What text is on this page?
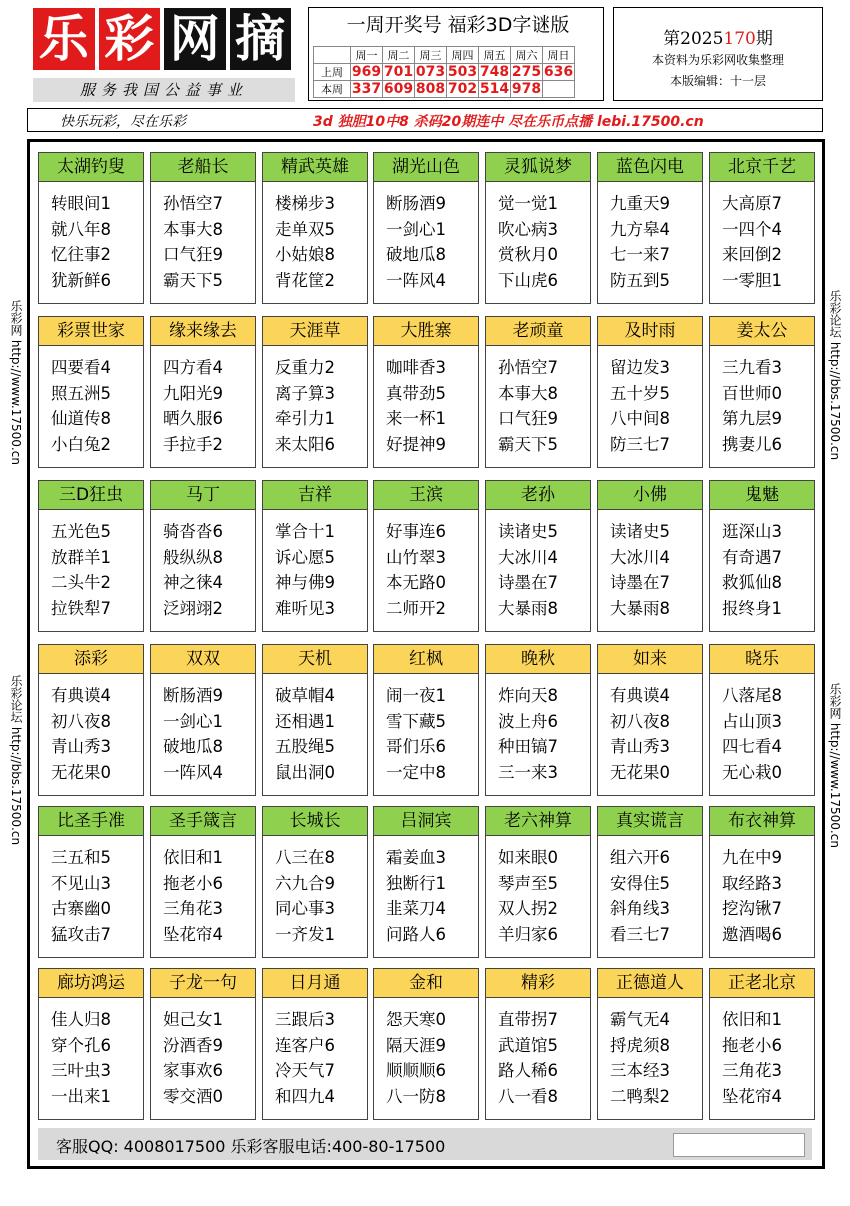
乐 彩 网 摘
服务我国公益事业
一周开奖号 福彩3D字谜版
	周一	周二	周三	周四	周五	周六	周日
上周	969	701	073	503	748	275	636
本周	337	609	808	702	514	978	
第2025170期
本资料为乐彩网收集整理
本版编辑：十一层
快乐玩彩，尽在乐彩	3d 独胆10中8 杀码20期连中 尽在乐币点播 lebi.17500.cn
乐彩网 http://www.17500.cn
乐彩论坛 http://bbs.17500.cn
乐彩论坛 http://bbs.17500.cn
乐彩网 http://www.17500.cn
太湖钓叟
转眼间1
就八年8
忆往事2
犹新鲜6
老船长
孙悟空7
本事大8
口气狂9
霸天下5
精武英雄
楼梯步3
走单双5
小姑娘8
背花筐2
湖光山色
断肠酒9
一剑心1
破地瓜8
一阵风4
灵狐说梦
觉一觉1
吹心病3
赏秋月0
下山虎6
蓝色闪电
九重天9
九方皋4
七一来7
防五到5
北京千艺
大高原7
一四个4
来回倒2
一零胆1
彩票世家
四要看4
照五洲5
仙道传8
小白兔2
缘来缘去
四方看4
九阳光9
晒久服6
手拉手2
天涯草
反重力2
离子算3
牵引力1
来太阳6
大胜寨
咖啡香3
真带劲5
来一杯1
好提神9
老顽童
孙悟空7
本事大8
口气狂9
霸天下5
及时雨
留边发3
五十岁5
八中间8
防三七7
姜太公
三九看3
百世师0
第九层9
携妻儿6
三D狂虫
五光色5
放群羊1
二头牛2
拉铁犁7
马丁
骑沓沓6
般纵纵8
神之徕4
泛翊翊2
吉祥
掌合十1
诉心愿5
神与佛9
难听见3
王滨
好事连6
山竹翠3
本无路0
二师开2
老孙
读诸史5
大冰川4
诗墨在7
大暴雨8
小佛
读诸史5
大冰川4
诗墨在7
大暴雨8
鬼魅
逛深山3
有奇遇7
救狐仙8
报终身1
添彩
有典谟4
初八夜8
青山秀3
无花果0
双双
断肠酒9
一剑心1
破地瓜8
一阵风4
天机
破草帽4
还相遇1
五股绳5
鼠出洞0
红枫
闹一夜1
雪下藏5
哥们乐6
一定中8
晚秋
炸向天8
波上舟6
种田镐7
三一来3
如来
有典谟4
初八夜8
青山秀3
无花果0
晓乐
八落尾8
占山顶3
四七看4
无心栽0
比圣手准
三五和5
不见山3
古寨幽0
猛攻击7
圣手箴言
依旧和1
拖老小6
三角花3
坠花帘4
长城长
八三在8
六九合9
同心事3
一齐发1
吕洞宾
霜姜血3
独断行1
韭菜刀4
问路人6
老六神算
如来眼0
琴声至5
双人拐2
羊归家6
真实谎言
组六开6
安得住5
斜角线3
看三七7
布衣神算
九在中9
取经路3
挖沟锹7
邀酒喝6
廊坊鸿运
佳人归8
穿个孔6
三叶虫3
一出来1
子龙一句
妲己女1
汾酒香9
家事欢6
零交酒0
日月通
三跟后3
连客户6
冷天气7
和四九4
金和
怨天寒0
隔天涯9
顺顺顺6
八一防8
精彩
直带拐7
武道馆5
路人稀6
八一看8
正德道人
霸气无4
捋虎须8
三本经3
二鸭梨2
正老北京
依旧和1
拖老小6
三角花3
坠花帘4
客服QQ: 4008017500 乐彩客服电话:400-80-17500
